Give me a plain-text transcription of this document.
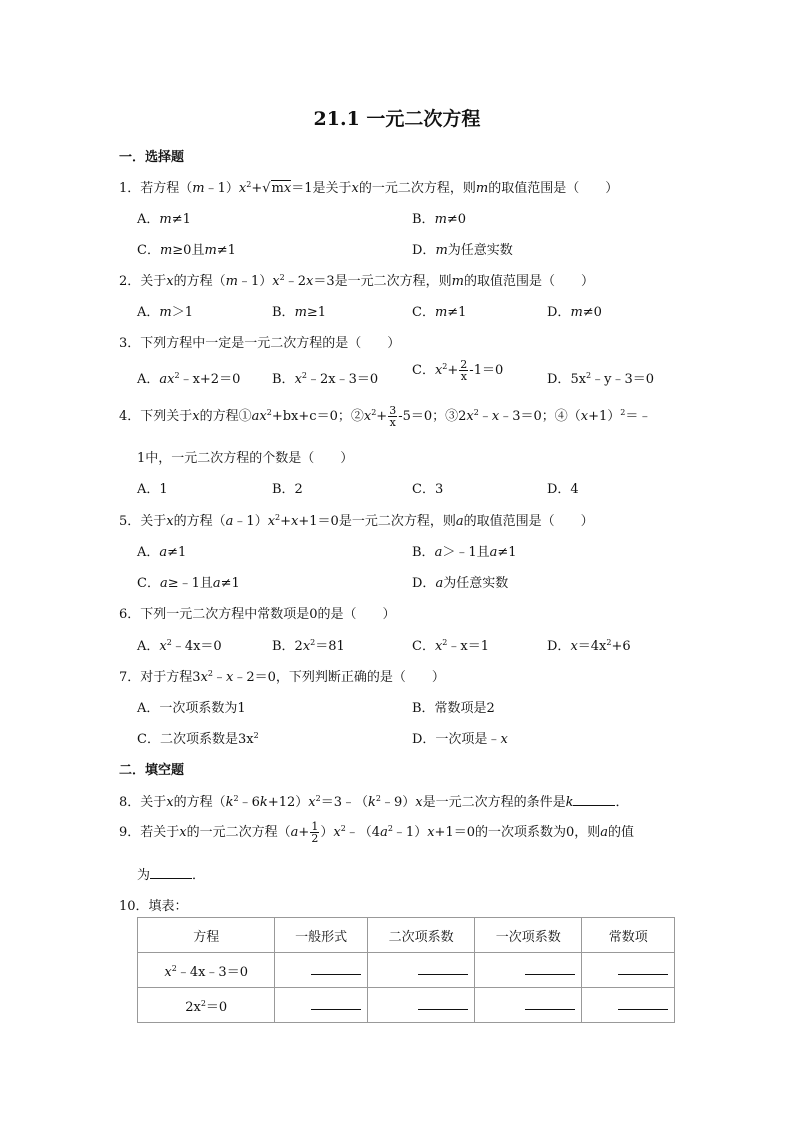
21.1 一元二次方程
一．选择题
1．若方程$(m﹣1)x^2+√mx=1$是关于x的一元二次方程，则m的取值范围是（　　）
A．m≠1	B．m≠0
C．m≥0且m≠1	D．m为任意实数
2．关于x的方程$(m﹣1)x^2﹣2x=3$是一元二次方程，则m的取值范围是（　　）
A．m＞1	B．m≥1	C．m≠1	D．m≠0
3．下列方程中一定是一元二次方程的是（　　）
A．$ax^2﹣x+2=0$ B．$x^2﹣2x﹣3=0$
C．$x^2+ \frac{2}{x} -1=0$
D．$5x^2﹣y﹣3=0$
4．下列关于x的方程$①ax^2+bx+c=0$；$②x^2+ \frac{3}{x} -5=0$；$③2x^2﹣x﹣3=0$；$④(x+1)^2=﹣$
1中，一元二次方程的个数是（　　）
A．1	B．2	C．3	D．4
5．关于x的方程$(a﹣1)x^2+x+1=0$是一元二次方程，则a的取值范围是（　　）
A．a≠1	B．a＞﹣1且a≠1
C．a≥﹣1且a≠1	D．a为任意实数
6．下列一元二次方程中常数项是0的是（　　）
A．$x^2﹣4x=0$	B．$2x^2=81$	C．$x^2﹣x=1$	D．$x=4x^2+6$
7．对于方程$3x^2﹣x﹣2=0$，下列判断正确的是（　　）
A．一次项系数为1	B．常数项是2
C．二次项系数是$3x^2$	D．一次项是﹣x
二．填空题
8．关于x的方程$(k^2﹣6k+12)x^2=3﹣(k^2﹣9)x$是一元二次方程的条件是k	．
9．若关于x的一元二次方程（$a+ \frac{1}{2}$ ）$x^2﹣(4a^2﹣1)x+1=0$的一次项系数为0，则a的值
为	．
10．填表：
方程	一般形式	二次项系数	一次项系数	常数项
$x^2﹣4x﹣3=0$				
$2x^2=0$				
